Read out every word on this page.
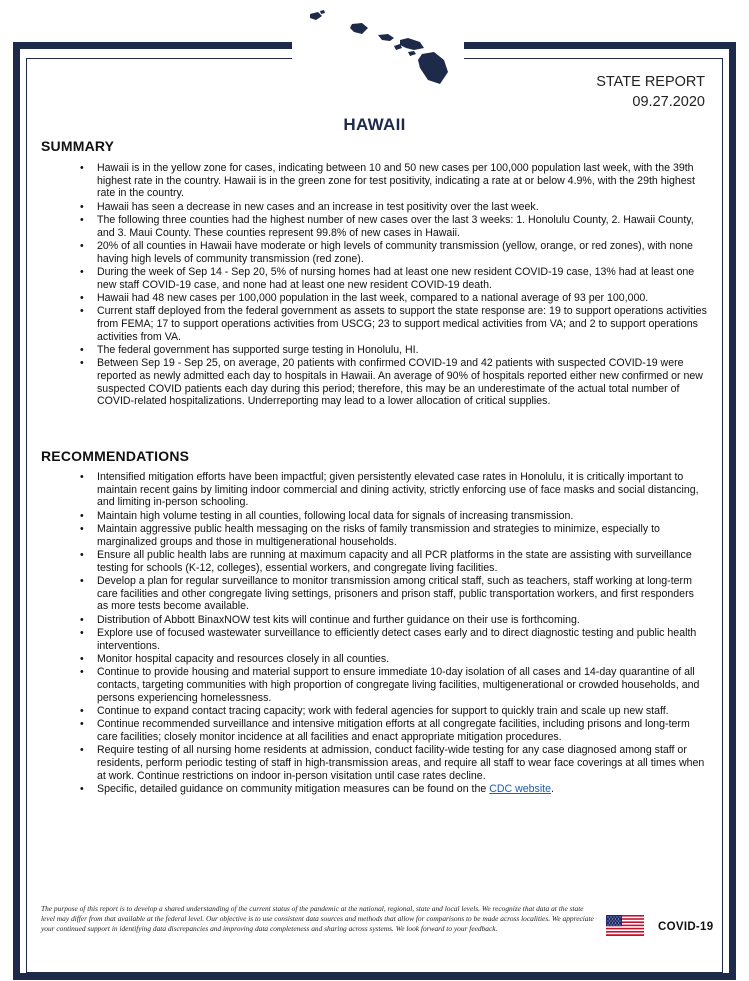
STATE REPORT
09.27.2020
HAWAII
SUMMARY
• Hawaii is in the yellow zone for cases, indicating between 10 and 50 new cases per 100,000 population last week, with the 39th highest rate in the country. Hawaii is in the green zone for test positivity, indicating a rate at or below 4.9%, with the 29th highest rate in the country.
• Hawaii has seen a decrease in new cases and an increase in test positivity over the last week.
• The following three counties had the highest number of new cases over the last 3 weeks: 1. Honolulu County, 2. Hawaii County, and 3. Maui County. These counties represent 99.8% of new cases in Hawaii.
• 20% of all counties in Hawaii have moderate or high levels of community transmission (yellow, orange, or red zones), with none having high levels of community transmission (red zone).
• During the week of Sep 14 - Sep 20, 5% of nursing homes had at least one new resident COVID-19 case, 13% had at least one new staff COVID-19 case, and none had at least one new resident COVID-19 death.
• Hawaii had 48 new cases per 100,000 population in the last week, compared to a national average of 93 per 100,000.
• Current staff deployed from the federal government as assets to support the state response are: 19 to support operations activities from FEMA; 17 to support operations activities from USCG; 23 to support medical activities from VA; and 2 to support operations activities from VA.
• The federal government has supported surge testing in Honolulu, HI.
• Between Sep 19 - Sep 25, on average, 20 patients with confirmed COVID-19 and 42 patients with suspected COVID-19 were reported as newly admitted each day to hospitals in Hawaii. An average of 90% of hospitals reported either new confirmed or new suspected COVID patients each day during this period; therefore, this may be an underestimate of the actual total number of COVID-related hospitalizations. Underreporting may lead to a lower allocation of critical supplies.
RECOMMENDATIONS
• Intensified mitigation efforts have been impactful; given persistently elevated case rates in Honolulu, it is critically important to maintain recent gains by limiting indoor commercial and dining activity, strictly enforcing use of face masks and social distancing, and limiting in-person schooling.
• Maintain high volume testing in all counties, following local data for signals of increasing transmission.
• Maintain aggressive public health messaging on the risks of family transmission and strategies to minimize, especially to marginalized groups and those in multigenerational households.
• Ensure all public health labs are running at maximum capacity and all PCR platforms in the state are assisting with surveillance testing for schools (K-12, colleges), essential workers, and congregate living facilities.
• Develop a plan for regular surveillance to monitor transmission among critical staff, such as teachers, staff working at long-term care facilities and other congregate living settings, prisoners and prison staff, public transportation workers, and first responders as more tests become available.
• Distribution of Abbott BinaxNOW test kits will continue and further guidance on their use is forthcoming.
• Explore use of focused wastewater surveillance to efficiently detect cases early and to direct diagnostic testing and public health interventions.
• Monitor hospital capacity and resources closely in all counties.
• Continue to provide housing and material support to ensure immediate 10-day isolation of all cases and 14-day quarantine of all contacts, targeting communities with high proportion of congregate living facilities, multigenerational or crowded households, and persons experiencing homelessness.
• Continue to expand contact tracing capacity; work with federal agencies for support to quickly train and scale up new staff.
• Continue recommended surveillance and intensive mitigation efforts at all congregate facilities, including prisons and long-term care facilities; closely monitor incidence at all facilities and enact appropriate mitigation procedures.
• Require testing of all nursing home residents at admission, conduct facility-wide testing for any case diagnosed among staff or residents, perform periodic testing of staff in high-transmission areas, and require all staff to wear face coverings at all times when at work. Continue restrictions on indoor in-person visitation until case rates decline.
• Specific, detailed guidance on community mitigation measures can be found on the CDC website.
The purpose of this report is to develop a shared understanding of the current status of the pandemic at the national, regional, state and local levels. We recognize that data at the state level may differ from that available at the federal level. Our objective is to use consistent data sources and methods that allow for comparisons to be made across localities. We appreciate your continued support in identifying data discrepancies and improving data completeness and sharing across systems. We look forward to your feedback.	COVID-19
